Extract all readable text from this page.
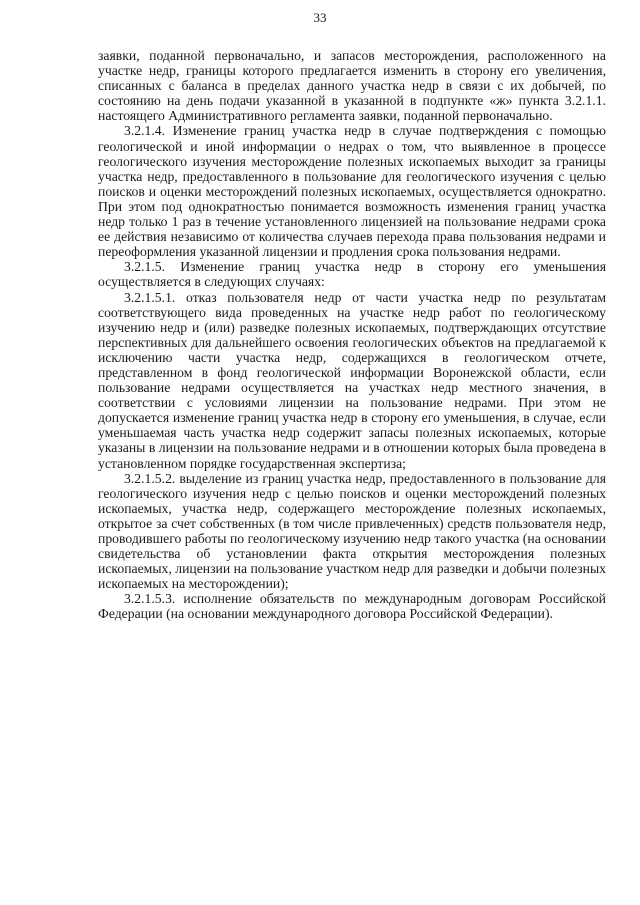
33

заявки, поданной первоначально, и запасов месторождения, расположенного на участке недр, границы которого предлагается изменить в сторону его увеличения, списанных с баланса в пределах данного участка недр в связи с их добычей, по состоянию на день подачи указанной в указанной в подпункте «ж» пункта 3.2.1.1. настоящего Административного регламента заявки, поданной первоначально.

3.2.1.4. Изменение границ участка недр в случае подтверждения с помощью геологической и иной информации о недрах о том, что выявленное в процессе геологического изучения месторождение полезных ископаемых выходит за границы участка недр, предоставленного в пользование для геологического изучения с целью поисков и оценки месторождений полезных ископаемых, осуществляется однократно. При этом под однократностью понимается возможность изменения границ участка недр только 1 раз в течение установленного лицензией на пользование недрами срока ее действия независимо от количества случаев перехода права пользования недрами и переоформления указанной лицензии и продления срока пользования недрами.

3.2.1.5. Изменение границ участка недр в сторону его уменьшения осуществляется в следующих случаях:

3.2.1.5.1. отказ пользователя недр от части участка недр по результатам соответствующего вида проведенных на участке недр работ по геологическому изучению недр и (или) разведке полезных ископаемых, подтверждающих отсутствие перспективных для дальнейшего освоения геологических объектов на предлагаемой к исключению части участка недр, содержащихся в геологическом отчете, представленном в фонд геологической информации Воронежской области, если пользование недрами осуществляется на участках недр местного значения, в соответствии с условиями лицензии на пользование недрами. При этом не допускается изменение границ участка недр в сторону его уменьшения, в случае, если уменьшаемая часть участка недр содержит запасы полезных ископаемых, которые указаны в лицензии на пользование недрами и в отношении которых была проведена в установленном порядке государственная экспертиза;

3.2.1.5.2. выделение из границ участка недр, предоставленного в пользование для геологического изучения недр с целью поисков и оценки месторождений полезных ископаемых, участка недр, содержащего месторождение полезных ископаемых, открытое за счет собственных (в том числе привлеченных) средств пользователя недр, проводившего работы по геологическому изучению недр такого участка (на основании свидетельства об установлении факта открытия месторождения полезных ископаемых, лицензии на пользование участком недр для разведки и добычи полезных ископаемых на месторождении);

3.2.1.5.3. исполнение обязательств по международным договорам Российской Федерации (на основании международного договора Российской Федерации).
